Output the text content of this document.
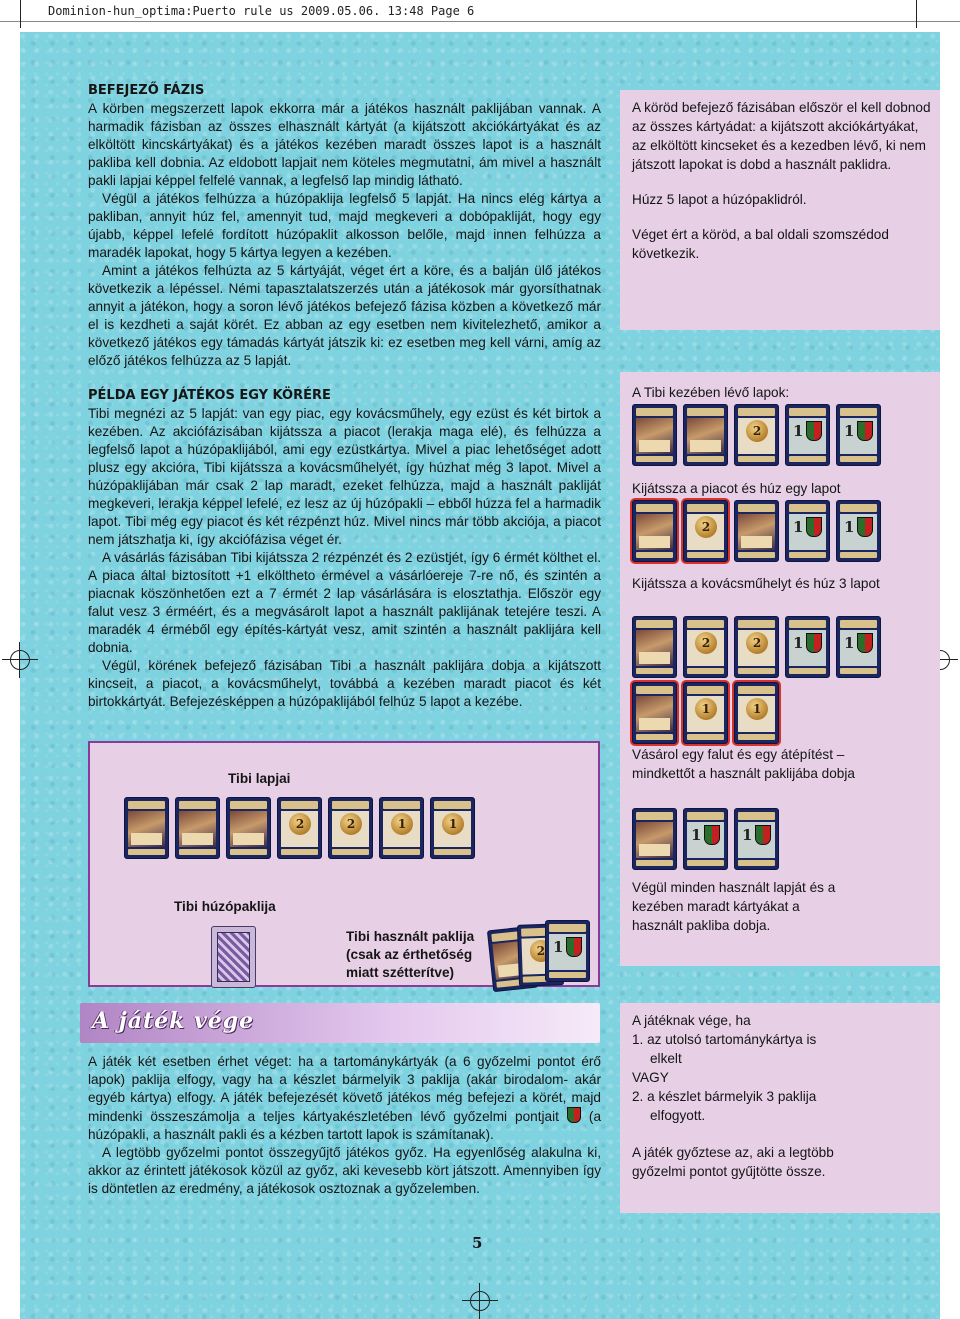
Dominion-hun_optima:Puerto rule us 2009.05.06. 13:48 Page 6

BEFEJEZŐ FÁZIS

A körben megszerzett lapok ekkorra már a játékos használt paklijában vannak. A harmadik fázisban az összes elhasznált kártyát (a kijátszott akciókártyákat és az elköltött kincskártyákat) és a játékos kezében maradt összes lapot is a használt pakliba kell dobnia. Az eldobott lapjait nem köteles megmutatni, ám mivel a használt pakli lapjai képpel felfelé vannak, a legfelső lap mindig látható.

Végül a játékos felhúzza a húzópaklija legfelső 5 lapját. Ha nincs elég kártya a pakliban, annyit húz fel, amennyit tud, majd megkeveri a dobópakliját, hogy egy újabb, képpel lefelé fordított húzópaklit alkosson belőle, majd innen felhúzza a maradék lapokat, hogy 5 kártya legyen a kezében.

Amint a játékos felhúzta az 5 kártyáját, véget ért a köre, és a balján ülő játékos következik a lépéssel. Némi tapasztalatszerzés után a játékosok már gyorsíthatnak annyit a játékon, hogy a soron lévő játékos befejező fázisa közben a következő már el is kezdheti a saját körét. Ez abban az egy esetben nem kivitelezhető, amikor a következő játékos egy támadás kártyát játszik ki: ez esetben meg kell várni, amíg az előző játékos felhúzza az 5 lapját.

PÉLDA EGY JÁTÉKOS EGY KÖRÉRE

Tibi megnézi az 5 lapját: van egy piac, egy kovácsműhely, egy ezüst és két birtok a kezében. Az akciófázisában kijátssza a piacot (lerakja maga elé), és felhúzza a legfelső lapot a húzópaklijából, ami egy ezüstkártya. Mivel a piac lehetőséget adott plusz egy akcióra, Tibi kijátssza a kovácsműhelyét, így húzhat még 3 lapot. Mivel a húzópaklijában már csak 2 lap maradt, ezeket felhúzza, majd a használt pakliját megkeveri, lerakja képpel lefelé, ez lesz az új húzópakli – ebből húzza fel a harmadik lapot. Tibi még egy piacot és két rézpénzt húz. Mivel nincs már több akciója, a piacot nem játszhatja ki, így akciófázisa véget ér.

A vásárlás fázisában Tibi kijátssza 2 rézpénzét és 2 ezüstjét, így 6 érmét költhet el. A piaca által biztosított +1 elköltheto érmével a vásárlóereje 7-re nő, és szintén a piacnak köszönhetően ezt a 7 érmét 2 lap vásárlására is elosztathja. Először egy falut vesz 3 érméért, és a megvásárolt lapot a használt paklijának tetejére teszi. A maradék 4 érméből egy építés-kártyát vesz, amit szintén a használt paklijára kell dobnia.

Végül, körének befejező fázisában Tibi a használt paklijára dobja a kijátszott kincseit, a piacot, a kovácsműhelyt, továbbá a kezében maradt piacot és két birtokkártyát. Befejezésképpen a húzópaklijából felhúz 5 lapot a kezébe.

A köröd befejező fázisában először el kell dobnod az összes kártyádat: a kijátszott akciókártyákat, az elköltött kincseket és a kezedben lévő, ki nem játszott lapokat is dobd a használt paklidra.

Húzz 5 lapot a húzópaklidról.

Véget ért a köröd, a bal oldali szomszédod következik.

A Tibi kezében lévő lapok:
2	1	1
Kijátssza a piacot és húz egy lapot
2	1	1
Kijátssza a kovácsműhelyt és húz 3 lapot
2	2	1	1
1	1
Vásárol egy falut és egy átépítést – mindkettőt a használt paklijába dobja
1	1
Végül minden használt lapját és a kezében maradt kártyákat a használt pakliba dobja.
Tibi lapjai
2	2	1	1
Tibi húzópaklija
Tibi használt paklija (csak az érthetőség miatt szétterítve)
2 1
A játék vége

A játék két esetben érhet véget: ha a tartománykártyák (a 6 győzelmi pontot érő lapok) paklija elfogy, vagy ha a készlet bármelyik 3 paklija (akár birodalom- akár egyéb kártya) elfogy. A játék befejezését követő játékos még befejezi a körét, majd mindenki összeszámolja a teljes kártyakészletében lévő győzelmi pontjait (a húzópakli, a használt pakli és a kézben tartott lapok is számítanak).

A legtöbb győzelmi pontot összegyűjtő játékos győz. Ha egyenlőség alakulna ki, akkor az érintett játékosok közül az győz, aki kevesebb kört játszott. Amennyiben így is döntetlen az eredmény, a játékosok osztoznak a győzelemben.

A játéknak vége, ha
1. az utolsó tartománykártya is elkelt
VAGY
2. a készlet bármelyik 3 paklija elfogyott.
A játék győztese az, aki a legtöbb győzelmi pontot gyűjtötte össze.
5
